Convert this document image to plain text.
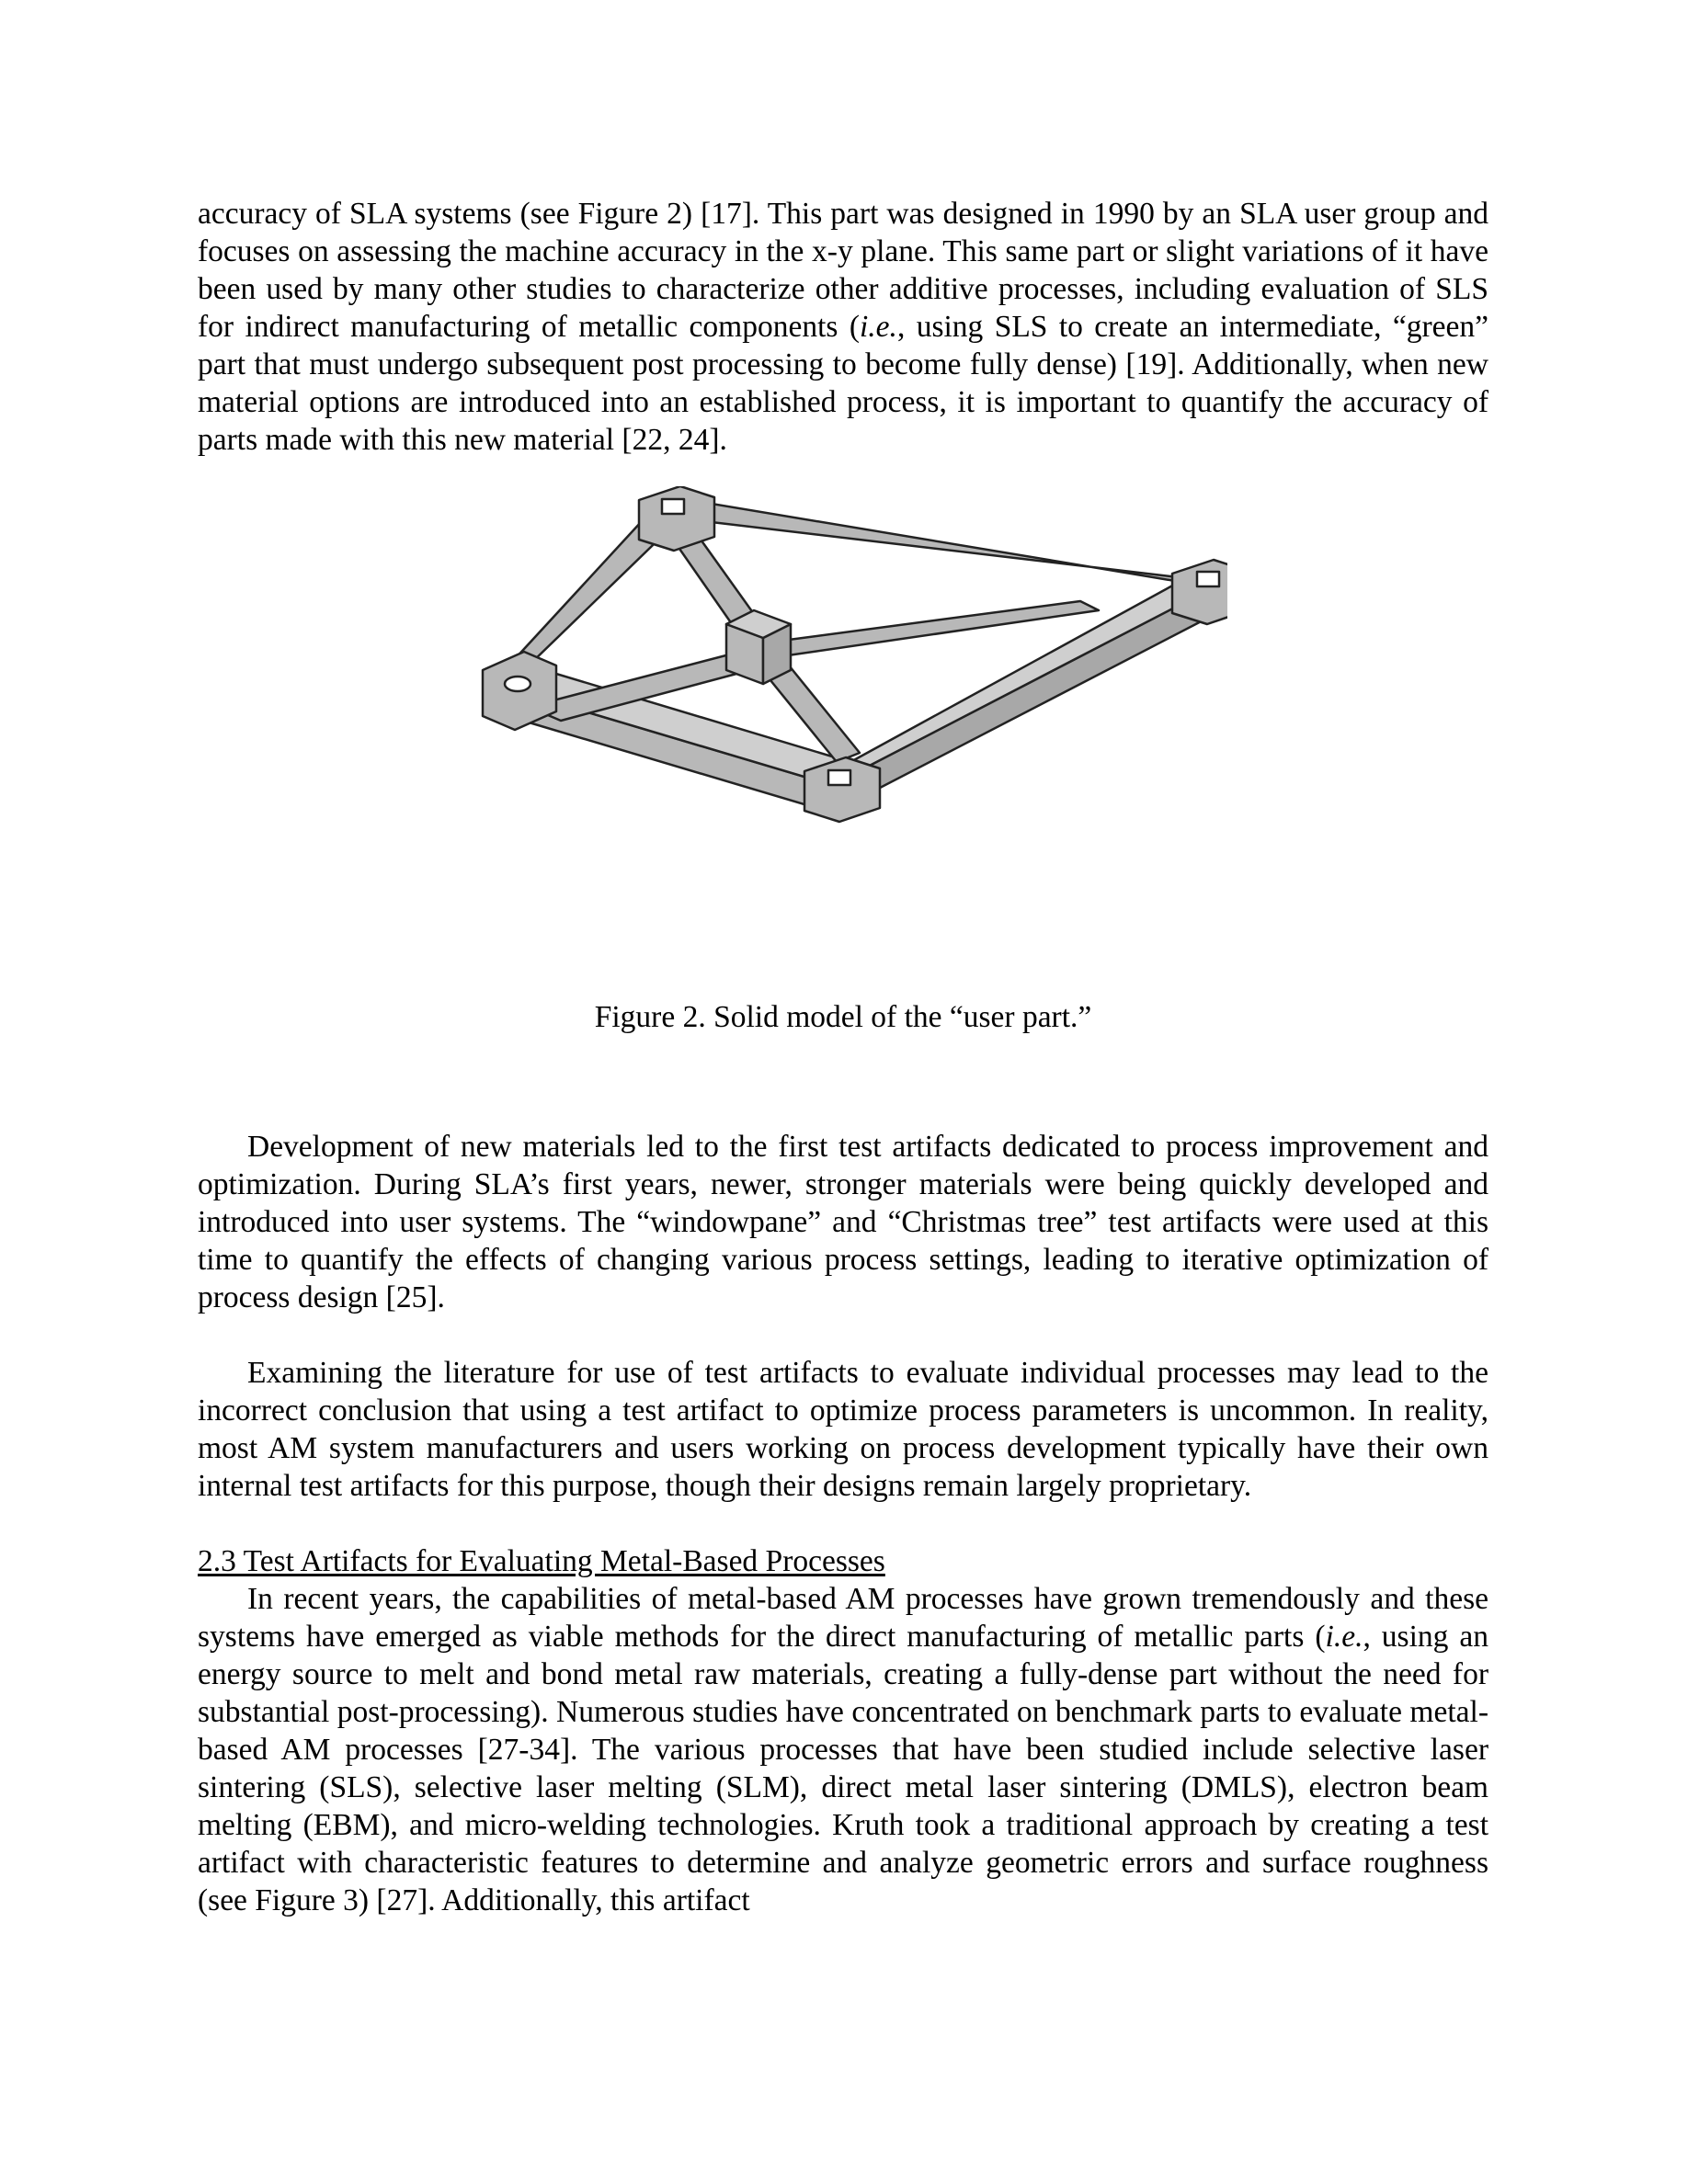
accuracy of SLA systems (see Figure 2) [17]. This part was designed in 1990 by an SLA user group and focuses on assessing the machine accuracy in the x-y plane. This same part or slight variations of it have been used by many other studies to characterize other additive processes, including evaluation of SLS for indirect manufacturing of metallic components (i.e., using SLS to create an intermediate, “green” part that must undergo subsequent post processing to become fully dense) [19]. Additionally, when new material options are introduced into an established process, it is important to quantify the accuracy of parts made with this new material [22, 24].

Figure 2. Solid model of the “user part.”

Development of new materials led to the first test artifacts dedicated to process improvement and optimization. During SLA’s first years, newer, stronger materials were being quickly developed and introduced into user systems. The “windowpane” and “Christmas tree” test artifacts were used at this time to quantify the effects of changing various process settings, leading to iterative optimization of process design [25].

Examining the literature for use of test artifacts to evaluate individual processes may lead to the incorrect conclusion that using a test artifact to optimize process parameters is uncommon. In reality, most AM system manufacturers and users working on process development typically have their own internal test artifacts for this purpose, though their designs remain largely proprietary.

2.3 Test Artifacts for Evaluating Metal-Based Processes

In recent years, the capabilities of metal-based AM processes have grown tremendously and these systems have emerged as viable methods for the direct manufacturing of metallic parts (i.e., using an energy source to melt and bond metal raw materials, creating a fully-dense part without the need for substantial post-processing). Numerous studies have concentrated on benchmark parts to evaluate metal-based AM processes [27-34]. The various processes that have been studied include selective laser sintering (SLS), selective laser melting (SLM), direct metal laser sintering (DMLS), electron beam melting (EBM), and micro-welding technologies. Kruth took a traditional approach by creating a test artifact with characteristic features to determine and analyze geometric errors and surface roughness (see Figure 3) [27]. Additionally, this artifact
